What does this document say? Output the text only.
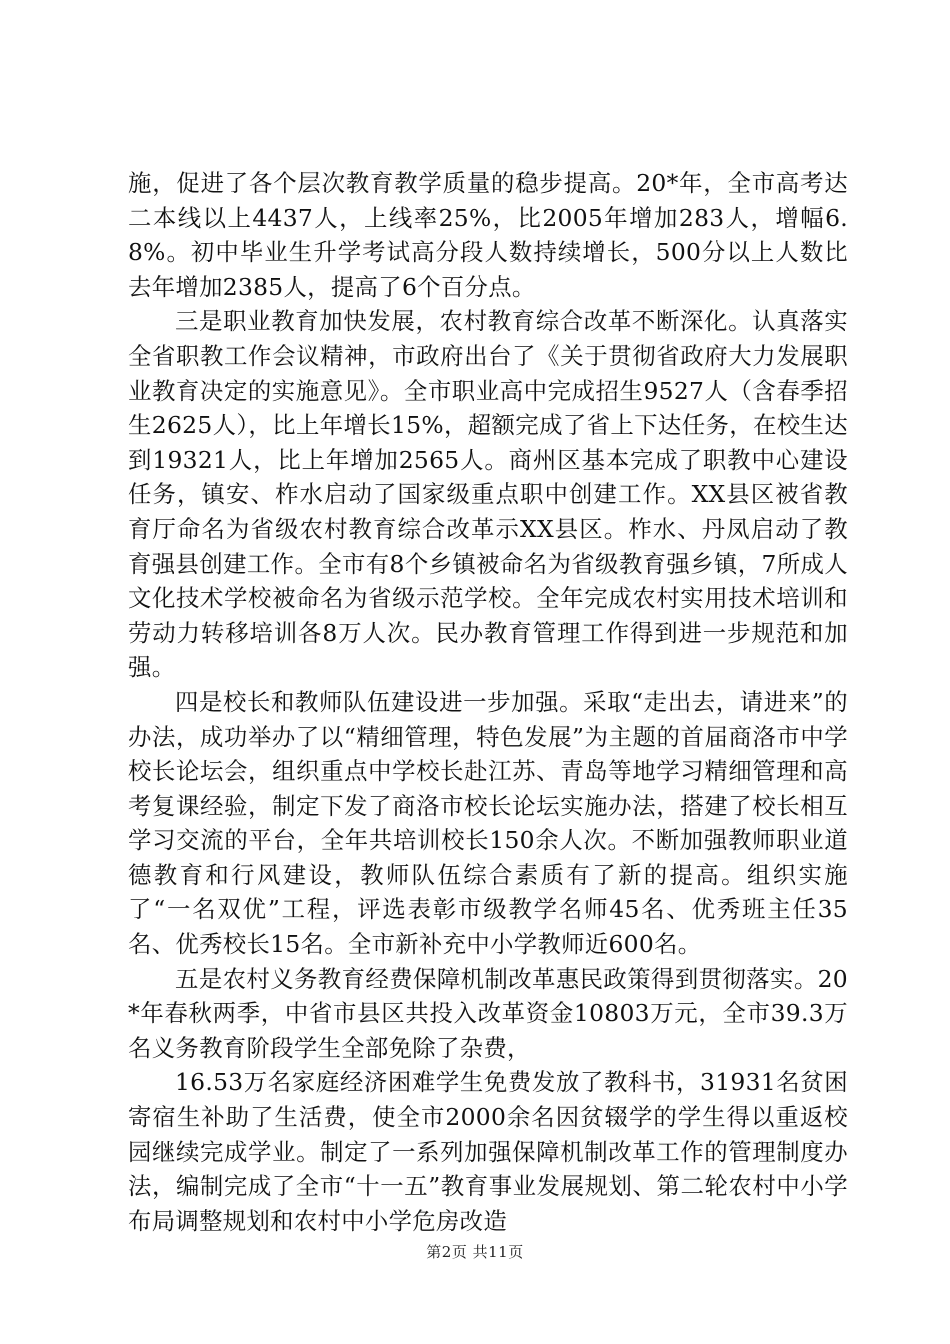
施，促进了各个层次教育教学质量的稳步提高。20*年，全市高考达二本线以上4437人，上线率25%，比2005年增加283人，增幅6.8%。初中毕业生升学考试高分段人数持续增长，500分以上人数比去年增加2385人，提高了6个百分点。

三是职业教育加快发展，农村教育综合改革不断深化。认真落实全省职教工作会议精神，市政府出台了《关于贯彻省政府大力发展职业教育决定的实施意见》。全市职业高中完成招生9527人（含春季招生2625人），比上年增长15%，超额完成了省上下达任务，在校生达到19321人，比上年增加2565人。商州区基本完成了职教中心建设任务，镇安、柞水启动了国家级重点职中创建工作。XX县区被省教育厅命名为省级农村教育综合改革示XX县区。柞水、丹凤启动了教育强县创建工作。全市有8个乡镇被命名为省级教育强乡镇，7所成人文化技术学校被命名为省级示范学校。全年完成农村实用技术培训和劳动力转移培训各8万人次。民办教育管理工作得到进一步规范和加强。

四是校长和教师队伍建设进一步加强。采取“走出去，请进来”的办法，成功举办了以“精细管理，特色发展”为主题的首届商洛市中学校长论坛会，组织重点中学校长赴江苏、青岛等地学习精细管理和高考复课经验，制定下发了商洛市校长论坛实施办法，搭建了校长相互学习交流的平台，全年共培训校长150余人次。不断加强教师职业道德教育和行风建设，教师队伍综合素质有了新的提高。组织实施了“一名双优”工程，评选表彰市级教学名师45名、优秀班主任35名、优秀校长15名。全市新补充中小学教师近600名。

五是农村义务教育经费保障机制改革惠民政策得到贯彻落实。20*年春秋两季，中省市县区共投入改革资金10803万元，全市39.3万名义务教育阶段学生全部免除了杂费，

16.53万名家庭经济困难学生免费发放了教科书，31931名贫困寄宿生补助了生活费，使全市2000余名因贫辍学的学生得以重返校园继续完成学业。制定了一系列加强保障机制改革工作的管理制度办法，编制完成了全市“十一五”教育事业发展规划、第二轮农村中小学布局调整规划和农村中小学危房改造

第2页 共11页
